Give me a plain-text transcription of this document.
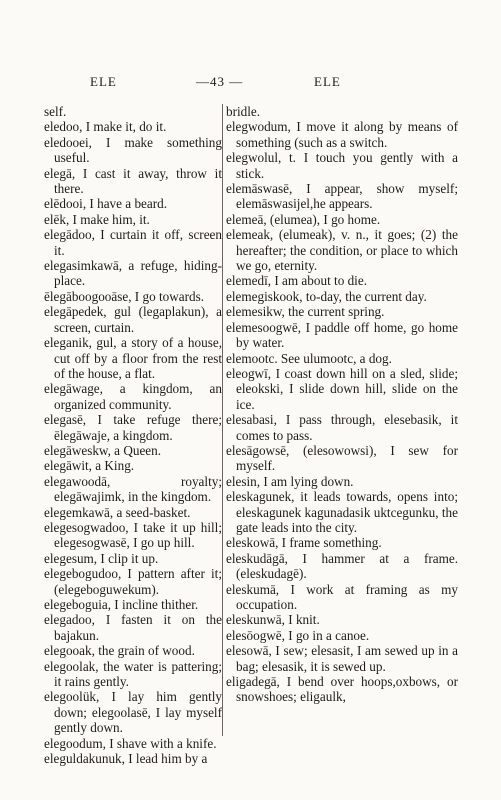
ELE	—43 —	ELE
self.
eledoo, I make it, do it.
eledooei, I make something useful.
elegā, I cast it away, throw it there.
elēdooi, I have a beard.
elēk, I make him, it.
elegādoo, I curtain it off, screen it.
elegasimkawā, a refuge, hiding-place.
ēlegāboogooāse, I go towards.
elegāpedek, gul (legaplakun), a screen, curtain.
eleganik, gul, a story of a house, cut off by a floor from the rest of the house, a flat.
elegāwage, a kingdom, an organized community.
elegasē, I take refuge there; ēlegāwaje, a kingdom.
elegāweskw, a Queen.
elegāwit, a King.
elegawoodā, royalty; elegāwajimk, in the kingdom.
elegemkawā, a seed-basket.
elegesogwadoo, I take it up hill; elegesogwasē, I go up hill.
elegesum, I clip it up.
elegebogudoo, I pattern after it; (elegeboguwekum).
elegeboguia, I incline thither.
elegadoo, I fasten it on the bajakun.
elegooak, the grain of wood.
elegoolak, the water is pattering; it rains gently.
elegoolük, I lay him gently down; elegoolasē, I lay myself gently down.
elegoodum, I shave with a knife.
eleguldakunuk, I lead him by a
bridle.
elegwodum, I move it along by means of something (such as a switch.
elegwolul, t. I touch you gently with a stick.
elemāswasē, I appear, show myself; elemāswasijel,he appears.
elemeā, (elumea), I go home.
elemeak, (elumeak), v. n., it goes; (2) the hereafter; the condition, or place to which we go, eternity.
elemedī, I am about to die.
elemegiskook, to-day, the current day.
elemesikw, the current spring.
elemesoogwē, I paddle off home, go home by water.
elemootc. See ulumootc, a dog.
eleogwī, I coast down hill on a sled, slide; eleokski, I slide down hill, slide on the ice.
elesabasi, I pass through, elesebasik, it comes to pass.
elesāgowsē, (elesowowsi), I sew for myself.
elesin, I am lying down.
eleskagunek, it leads towards, opens into; eleskagunek kagunadasik uktcegunku, the gate leads into the city.
eleskowā, I frame something.
eleskudāgā, I hammer at a frame. (eleskudagē).
eleskumā, I work at framing as my occupation.
eleskunwā, I knit.
elesōogwē, I go in a canoe.
elesowā, I sew; elesasit, I am sewed up in a bag; elesasik, it is sewed up.
eligadegā, I bend over hoops,oxbows, or snowshoes; eligaulk,
